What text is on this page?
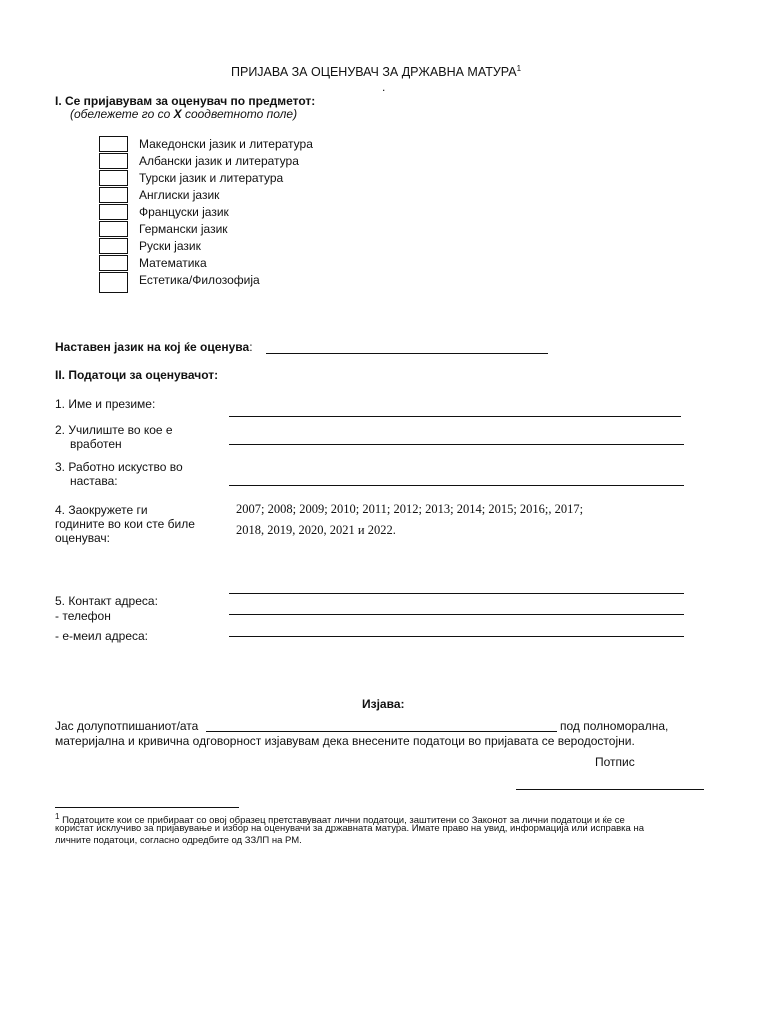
ПРИЈАВА ЗА ОЦЕНУВАЧ ЗА ДРЖАВНА МАТУРА$^1$
.
I. Се пријавувам за оценувач по предметот:
(обележете го со X соодветното поле)
Македонски јазик и литература
Албански јазик и литература
Турски јазик и литература
Англиски јазик
Француски јазик
Германски јазик
Руски јазик
Математика
Естетика/Филозофија
Наставен јазик на кој ќе оценува:
II. Податоци за оценувачот:
1. Име и презиме:
2. Училиште во кое е
вработен
3. Работно искуство во
настава:
4. Заокружете ги
годините во кои сте биле
оценувач:
2007; 2008; 2009; 2010; 2011; 2012; 2013; 2014; 2015; 2016;, 2017;
2018, 2019, 2020, 2021 и 2022.
5. Контакт адреса:
- телефон
- е-меил адреса:
Изјава:
Јас долупотпишаниот/ата	под полноморална,
материјална и кривична одговорност изјавувам дека внесените податоци во пријавата се веродостојни.
Потпис
$^1$ Податоците кои се прибираат со овој образец претставуваат лични податоци, заштитени со Законот за лични податоци и ќе се
користат исклучиво за пријавување и избор на оценувачи за државната матура. Имате право на увид, информација или исправка на
личните податоци, согласно одредбите од ЗЗЛП на РМ.
